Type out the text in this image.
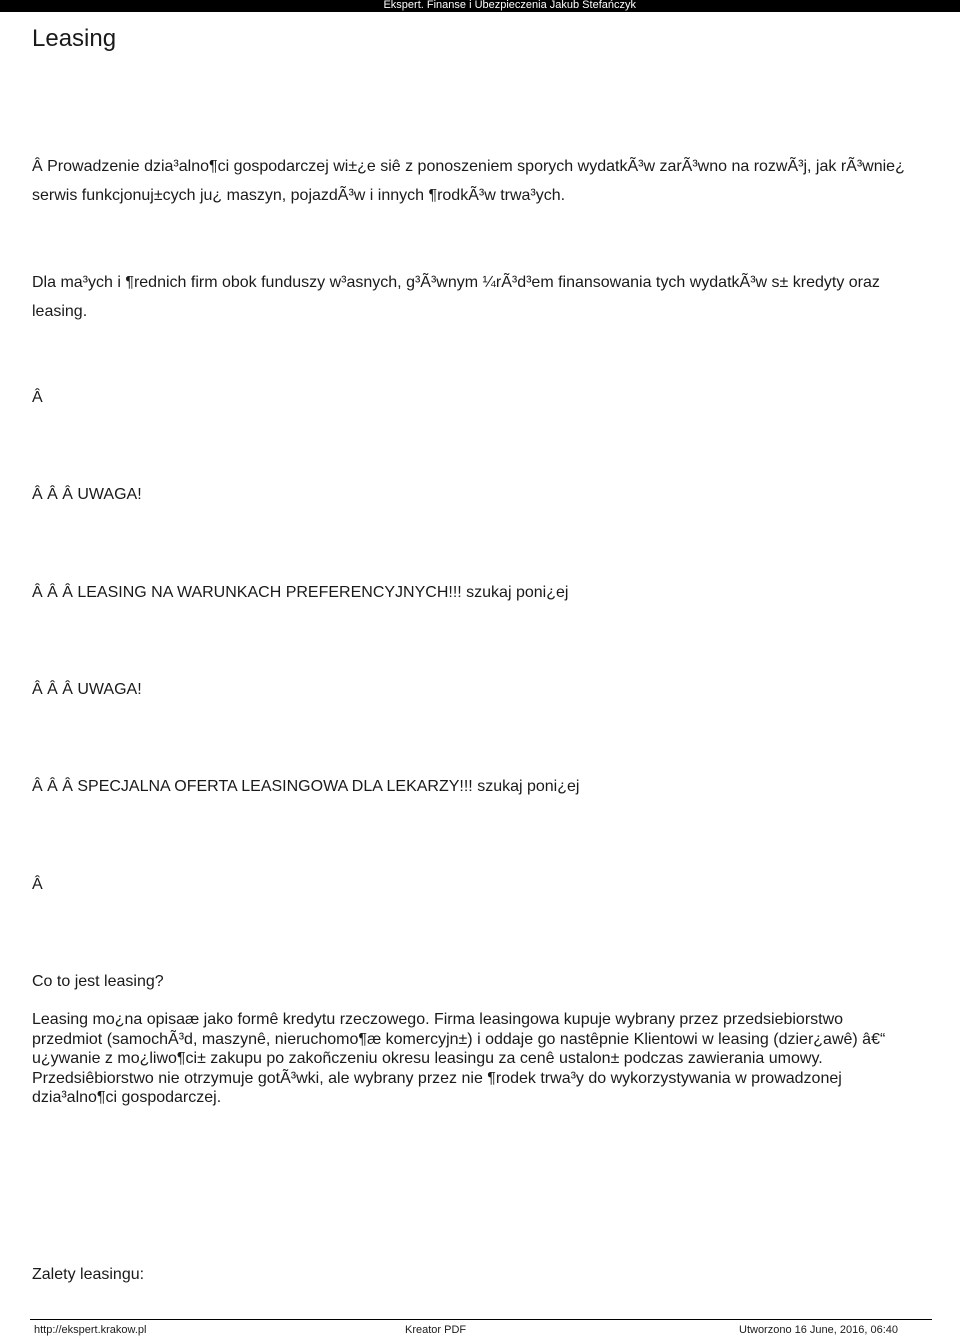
Ekspert. Finanse i Ubezpieczenia Jakub Stefańczyk
Leasing

Â Prowadzenie dzia³alno¶ci gospodarczej wi±¿e siê z ponoszeniem sporych wydatkÃ³w zarÃ³wno na rozwÃ³j, jak rÃ³wnie¿ serwis funkcjonuj±cych ju¿ maszyn, pojazdÃ³w i innych ¶rodkÃ³w trwa³ych.

Dla ma³ych i ¶rednich firm obok funduszy w³asnych, g³Ã³wnym ¼rÃ³d³em finansowania tych wydatkÃ³w s± kredyty oraz leasing.

Â

Â Â Â UWAGA!

Â Â Â LEASING NA WARUNKACH PREFERENCYJNYCH!!! szukaj poni¿ej

Â Â Â UWAGA!

Â Â Â SPECJALNA OFERTA LEASINGOWA DLA LEKARZY!!! szukaj poni¿ej

Â

Co to jest leasing?

Leasing mo¿na opisaæ jako formê kredytu rzeczowego. Firma leasingowa kupuje wybrany przez przedsiebiorstwo przedmiot (samochÃ³d, maszynê, nieruchomo¶æ komercyjn±) i oddaje go nastêpnie Klientowi w leasing (dzier¿awê) â€“ u¿ywanie z mo¿liwo¶ci± zakupu po zakoñczeniu okresu leasingu za cenê ustalon± podczas zawierania umowy. Przedsiêbiorstwo nie otrzymuje gotÃ³wki, ale wybrany przez nie ¶rodek trwa³y do wykorzystywania w prowadzonej dzia³alno¶ci gospodarczej.

Zalety leasingu:

http://ekspert.krakow.pl	Kreator PDF	Utworzono 16 June, 2016, 06:40
